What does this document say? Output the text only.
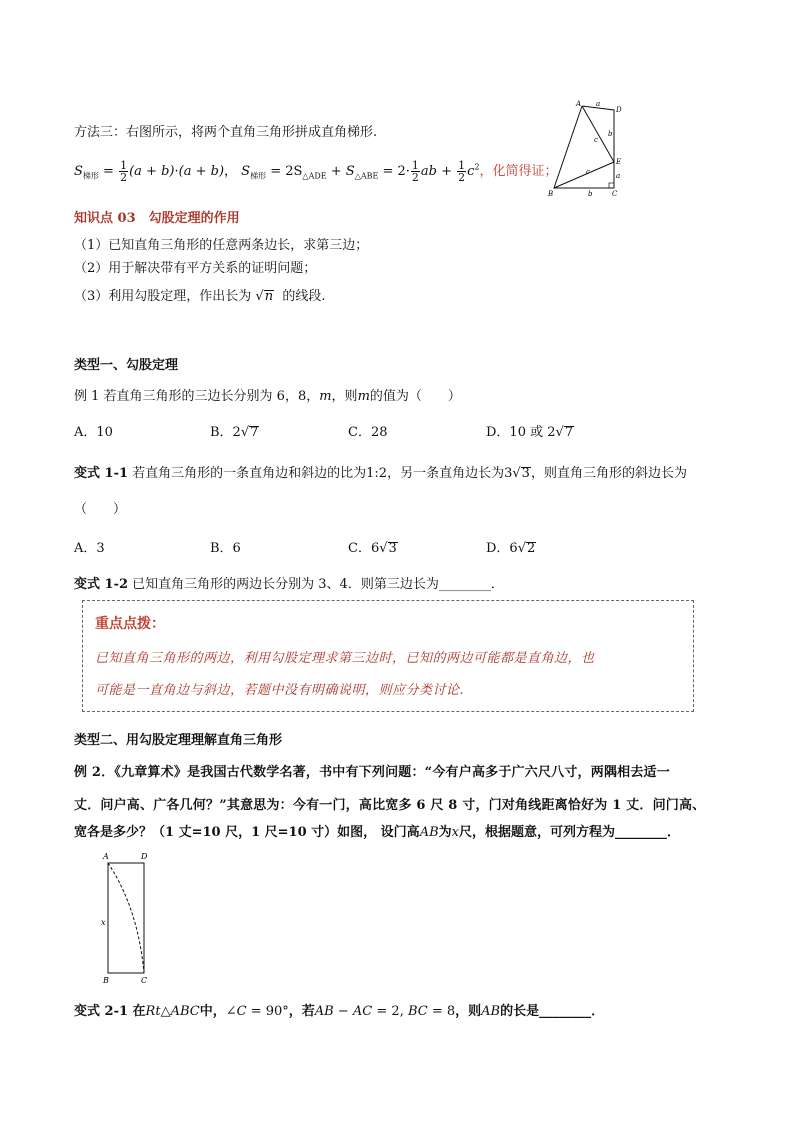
方法三：右图所示，将两个直角三角形拼成直角梯形.
$S_{梯形} = \frac{1}{2} (a + b)\cdot(a + b)$， $S_{梯形} = 2S_{\triangle ADE} + S_{\triangle ABE} = 2\cdot \frac{1}{2}$ ab + $\frac{1}{2} c^2$，化简得证；
A a
D
b
c
E
c	a
B	b	C
知识点 03　勾股定理的作用
（1）已知直角三角形的任意两条边长，求第三边；
（2）用于解决带有平方关系的证明问题；
（3）利用勾股定理，作出长为 √n 的线段.
类型一、勾股定理
例 1 若直角三角形的三边长分别为 6，8，m，则m的值为（　　）
A．10	B．2√7	C．28	D．10 或 2√7
变式 1-1 若直角三角形的一条直角边和斜边的比为1:2，另一条直角边长为3√3，则直角三角形的斜边长为
（　　）
A．3	B．6	C．6√3	D．6√2
变式 1-2 已知直角三角形的两边长分别为 3、4．则第三边长为________．
重点点拨：
已知直角三角形的两边，利用勾股定理求第三边时，已知的两边可能都是直角边，也
可能是一直角边与斜边，若题中没有明确说明，则应分类讨论.
类型二、用勾股定理理解直角三角形
例 2．《九章算术》是我国古代数学名著，书中有下列问题：“今有户高多于广六尺八寸，两隅相去适一
丈．问户高、广各几何？”其意思为：今有一门，高比宽多 6 尺 8 寸，门对角线距离恰好为 1 丈．问门高、
宽各是多少？（1 丈=10 尺，1 尺=10 寸）如图， 设门高AB为x尺，根据题意，可列方程为________．
A	D
x
B	C
变式 2-1 在Rt△ABC中，∠C = 90°，若AB − AC = 2, BC = 8，则AB的长是________．
